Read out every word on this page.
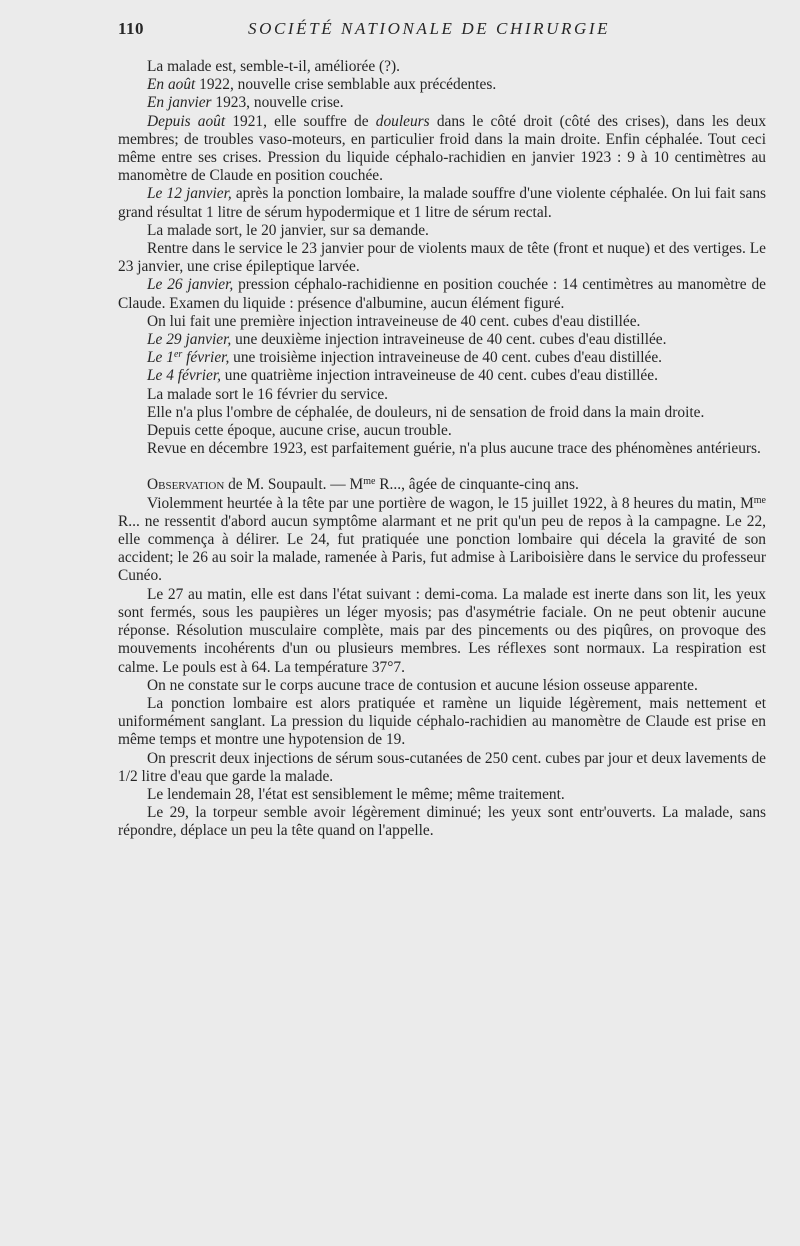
110	SOCIÉTÉ NATIONALE DE CHIRURGIE

La malade est, semble-t-il, améliorée (?).

En août 1922, nouvelle crise semblable aux précédentes.

En janvier 1923, nouvelle crise.

Depuis août 1921, elle souffre de douleurs dans le côté droit (côté des crises), dans les deux membres; de troubles vaso-moteurs, en particulier froid dans la main droite. Enfin céphalée. Tout ceci même entre ses crises. Pression du liquide céphalo-rachidien en janvier 1923 : 9 à 10 centimètres au manomètre de Claude en position couchée.

Le 12 janvier, après la ponction lombaire, la malade souffre d'une violente céphalée. On lui fait sans grand résultat 1 litre de sérum hypodermique et 1 litre de sérum rectal.

La malade sort, le 20 janvier, sur sa demande.

Rentre dans le service le 23 janvier pour de violents maux de tête (front et nuque) et des vertiges. Le 23 janvier, une crise épileptique larvée.

Le 26 janvier, pression céphalo-rachidienne en position couchée : 14 centimètres au manomètre de Claude. Examen du liquide : présence d'albumine, aucun élément figuré.

On lui fait une première injection intraveineuse de 40 cent. cubes d'eau distillée.

Le 29 janvier, une deuxième injection intraveineuse de 40 cent. cubes d'eau distillée.

Le 1er février, une troisième injection intraveineuse de 40 cent. cubes d'eau distillée.

Le 4 février, une quatrième injection intraveineuse de 40 cent. cubes d'eau distillée.

La malade sort le 16 février du service.

Elle n'a plus l'ombre de céphalée, de douleurs, ni de sensation de froid dans la main droite.

Depuis cette époque, aucune crise, aucun trouble.

Revue en décembre 1923, est parfaitement guérie, n'a plus aucune trace des phénomènes antérieurs.

Observation de M. Soupault. — $M^{me}$ R..., âgée de cinquante-cinq ans.

Violemment heurtée à la tête par une portière de wagon, le 15 juillet 1922, à 8 heures du matin, $M^{me}$ R... ne ressentit d'abord aucun symptôme alarmant et ne prit qu'un peu de repos à la campagne. Le 22, elle commença à délirer. Le 24, fut pratiquée une ponction lombaire qui décela la gravité de son accident; le 26 au soir la malade, ramenée à Paris, fut admise à Lariboisière dans le service du professeur Cunéo.

Le 27 au matin, elle est dans l'état suivant : demi-coma. La malade est inerte dans son lit, les yeux sont fermés, sous les paupières un léger myosis; pas d'asymétrie faciale. On ne peut obtenir aucune réponse. Résolution musculaire complète, mais par des pincements ou des piqûres, on provoque des mouvements incohérents d'un ou plusieurs membres. Les réflexes sont normaux. La respiration est calme. Le pouls est à 64. La température 37°7.

On ne constate sur le corps aucune trace de contusion et aucune lésion osseuse apparente.

La ponction lombaire est alors pratiquée et ramène un liquide légèrement, mais nettement et uniformément sanglant. La pression du liquide céphalo-rachidien au manomètre de Claude est prise en même temps et montre une hypotension de 19.

On prescrit deux injections de sérum sous-cutanées de 250 cent. cubes par jour et deux lavements de 1/2 litre d'eau que garde la malade.

Le lendemain 28, l'état est sensiblement le même; même traitement.

Le 29, la torpeur semble avoir légèrement diminué; les yeux sont entr'ouverts. La malade, sans répondre, déplace un peu la tête quand on l'appelle.
